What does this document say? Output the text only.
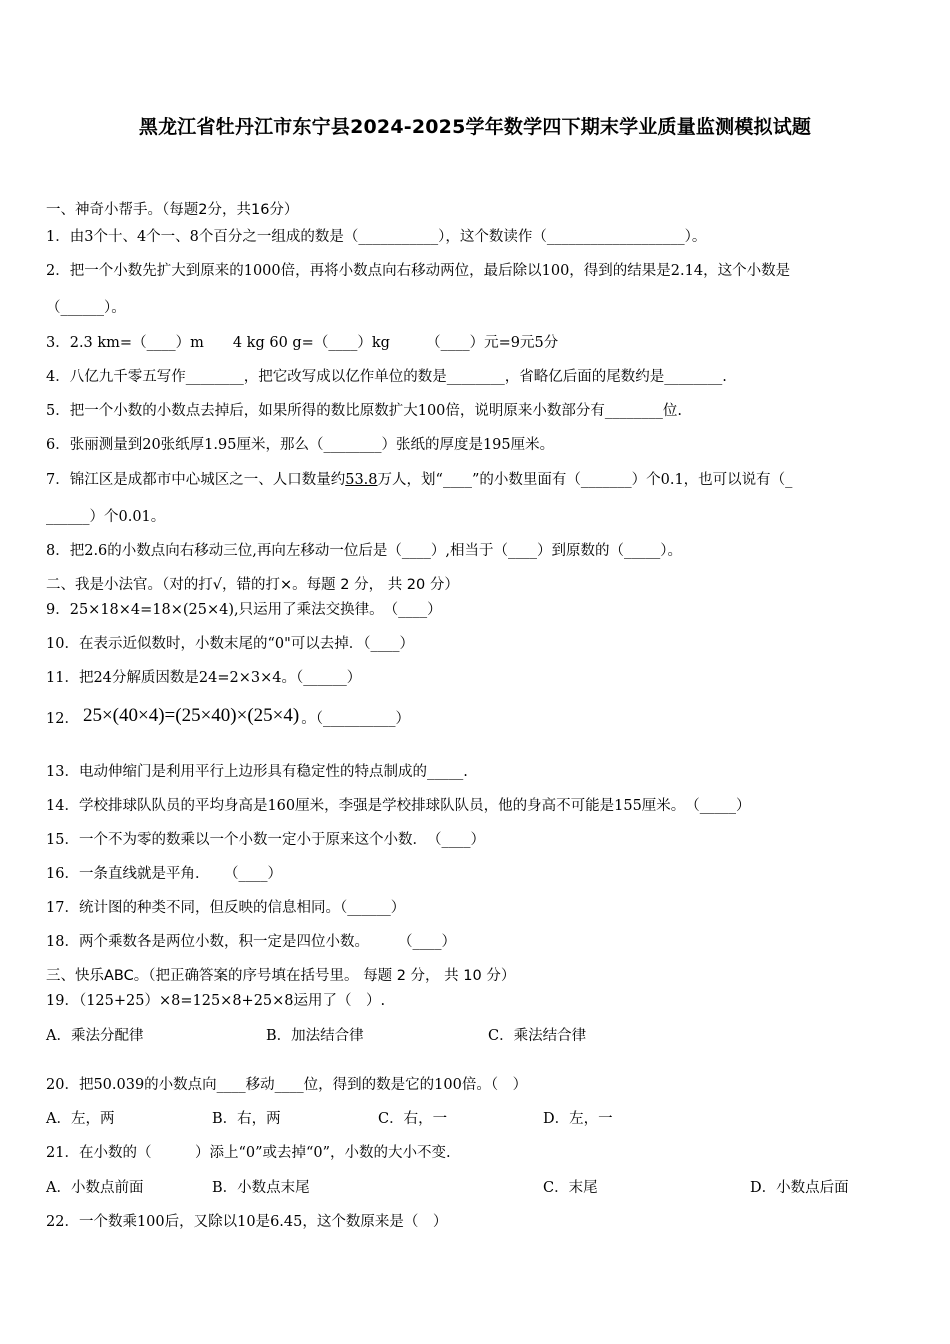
黑龙江省牡丹江市东宁县2024-2025学年数学四下期末学业质量监测模拟试题
一、神奇小帮手。（每题2分，共16分）
1．由3个十、4个一、8个百分之一组成的数是（___________），这个数读作（___________________）。
2．把一个小数先扩大到原来的1000倍，再将小数点向右移动两位，最后除以100，得到的结果是2.14，这个小数是
（______）。
3．2.3 km=（____）m　　4 kg 60 g=（____）kg　　　（____）元=9元5分
4．八亿九千零五写作________，把它改写成以亿作单位的数是________，省略亿后面的尾数约是________.
5．把一个小数的小数点去掉后，如果所得的数比原数扩大100倍，说明原来小数部分有________位.
6．张丽测量到20张纸厚1.95厘米，那么（________）张纸的厚度是195厘米。
7．锦江区是成都市中心城区之一、人口数量约53.8万人，划“____”的小数里面有（_______）个0.1，也可以说有（_
______）个0.01。
8．把2.6的小数点向右移动三位,再向左移动一位后是（____）,相当于（____）到原数的（_____）。
二、我是小法官。（对的打√，错的打×。每题 2 分， 共 20 分）
9．25×18×4=18×(25×4),只运用了乘法交换律。　（____）
10．在表示近似数时，小数末尾的“0"可以去掉．（____）
11．把24分解质因数是24=2×3×4。（______）
12． 25×(40×4)=(25×40)×(25×4) 。（__________）
13．电动伸缩门是利用平行上边形具有稳定性的特点制成的_____.
14．学校排球队队员的平均身高是160厘米，李强是学校排球队队员，他的身高不可能是155厘米。　（_____）
15．一个不为零的数乘以一个小数一定小于原来这个小数．　（____）
16．一条直线就是平角．　　（____）
17．统计图的种类不同，但反映的信息相同。（______）
18．两个乘数各是两位小数，积一定是四位小数。　　　（____）
三、快乐ABC。（把正确答案的序号填在括号里。 每题 2 分， 共 10 分）
19．（125+25）×8=125×8+25×8运用了（　）.
A．乘法分配律	B．加法结合律	C．乘法结合律
20．把50.039的小数点向____移动____位，得到的数是它的100倍。（　）
A．左，两	B．右，两	C．右，一	D．左，一
21．在小数的（　　　）添上“0”或去掉“0”，小数的大小不变.
A．小数点前面	B．小数点末尾	C．末尾	D．小数点后面
22．一个数乘100后，又除以10是6.45，这个数原来是（　）
